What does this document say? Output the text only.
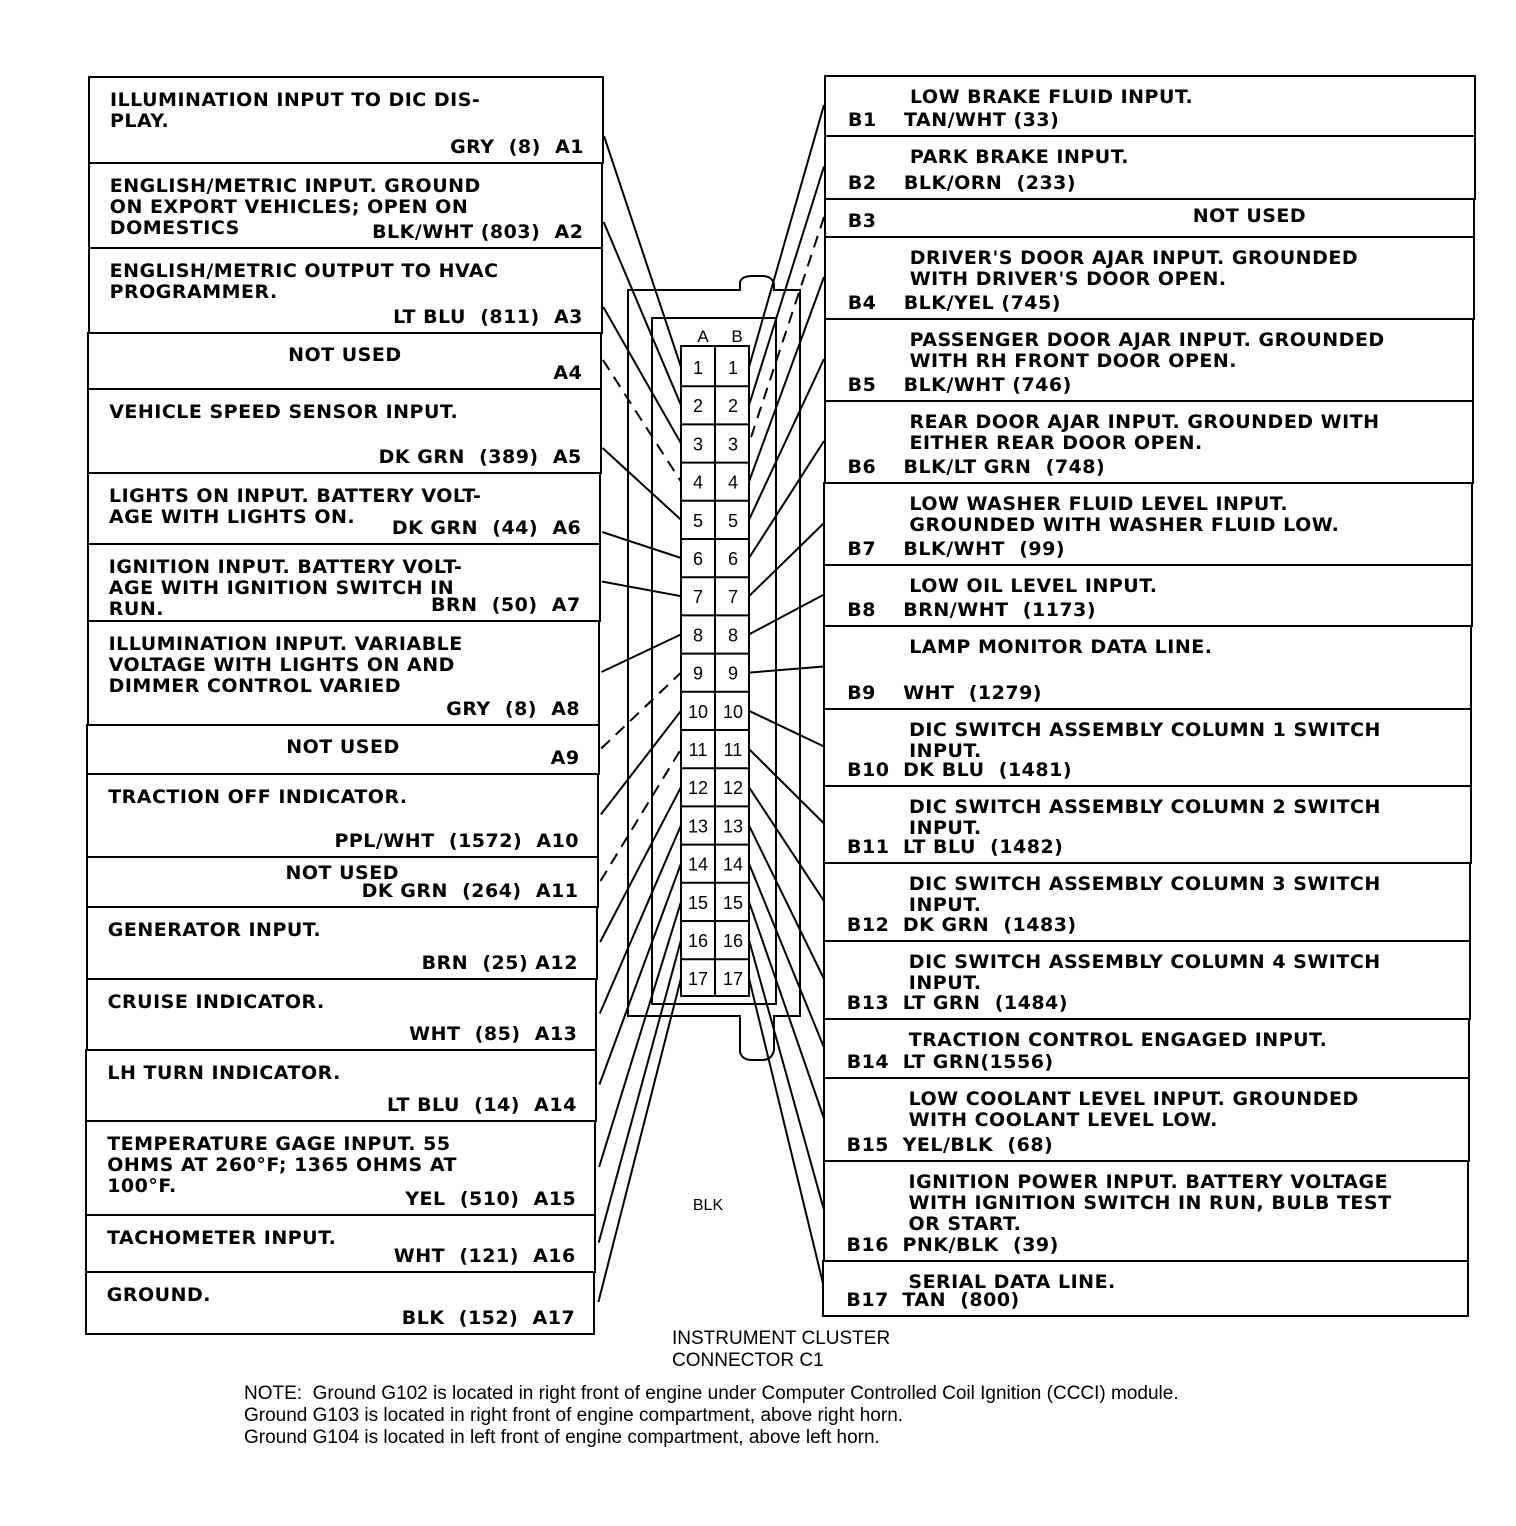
A B
1 1
2 2
3 3
4 4
5 5
6 6
7 7
8 8
9 9
10 10
11 11
12 12
13 13
14 14
15 15
16 16
17 17
BLK
ILLUMINATION INPUT TO DIC DIS-
PLAY.
GRY  (8)  A1
ENGLISH/METRIC INPUT. GROUND
ON EXPORT VEHICLES; OPEN ON
DOMESTICS	BLK/WHT (803)  A2
ENGLISH/METRIC OUTPUT TO HVAC
PROGRAMMER.
LT BLU  (811)  A3
NOT USED
A4
VEHICLE SPEED SENSOR INPUT.
DK GRN  (389)  A5
LIGHTS ON INPUT. BATTERY VOLT-
AGE WITH LIGHTS ON.	DK GRN  (44)  A6
IGNITION INPUT. BATTERY VOLT-
AGE WITH IGNITION SWITCH IN
RUN.	BRN  (50)  A7
ILLUMINATION INPUT. VARIABLE
VOLTAGE WITH LIGHTS ON AND
DIMMER CONTROL VARIED
GRY  (8)  A8
NOT USED	A9
TRACTION OFF INDICATOR.
PPL/WHT  (1572)  A10
NOT USED
DK GRN  (264)  A11
GENERATOR INPUT.
BRN  (25) A12
CRUISE INDICATOR.
WHT  (85)  A13
LH TURN INDICATOR.
LT BLU  (14)  A14
TEMPERATURE GAGE INPUT. 55
OHMS AT 260°F; 1365 OHMS AT
100°F.
YEL  (510)  A15
TACHOMETER INPUT.
WHT  (121)  A16
GROUND.
BLK  (152)  A17
B1
LOW BRAKE FLUID INPUT.
TAN/WHT (33)
B2
PARK BRAKE INPUT.
BLK/ORN  (233)
B3	NOT USED
B4
DRIVER'S DOOR AJAR INPUT. GROUNDED
WITH DRIVER'S DOOR OPEN.
BLK/YEL (745)
B5
PASSENGER DOOR AJAR INPUT. GROUNDED
WITH RH FRONT DOOR OPEN.
BLK/WHT (746)
B6
REAR DOOR AJAR INPUT. GROUNDED WITH
EITHER REAR DOOR OPEN.
BLK/LT GRN  (748)
B7
LOW WASHER FLUID LEVEL INPUT.
GROUNDED WITH WASHER FLUID LOW.
BLK/WHT  (99)
B8
LOW OIL LEVEL INPUT.
BRN/WHT  (1173)
B9
LAMP MONITOR DATA LINE.
WHT  (1279)
B10
DIC SWITCH ASSEMBLY COLUMN 1 SWITCH
INPUT.
DK BLU  (1481)
B11
DIC SWITCH ASSEMBLY COLUMN 2 SWITCH
INPUT.
LT BLU  (1482)
B12
DIC SWITCH ASSEMBLY COLUMN 3 SWITCH
INPUT.
DK GRN  (1483)
B13
DIC SWITCH ASSEMBLY COLUMN 4 SWITCH
INPUT.
LT GRN  (1484)
B14
TRACTION CONTROL ENGAGED INPUT.
LT GRN(1556)
B15
LOW COOLANT LEVEL INPUT. GROUNDED
WITH COOLANT LEVEL LOW.
YEL/BLK  (68)
B16
IGNITION POWER INPUT. BATTERY VOLTAGE
WITH IGNITION SWITCH IN RUN, BULB TEST
OR START.
PNK/BLK  (39)
B17
SERIAL DATA LINE.
TAN  (800)
INSTRUMENT CLUSTER
CONNECTOR C1
NOTE:  Ground G102 is located in right front of engine under Computer Controlled Coil Ignition (CCCI) module.
Ground G103 is located in right front of engine compartment, above right horn.
Ground G104 is located in left front of engine compartment, above left horn.
